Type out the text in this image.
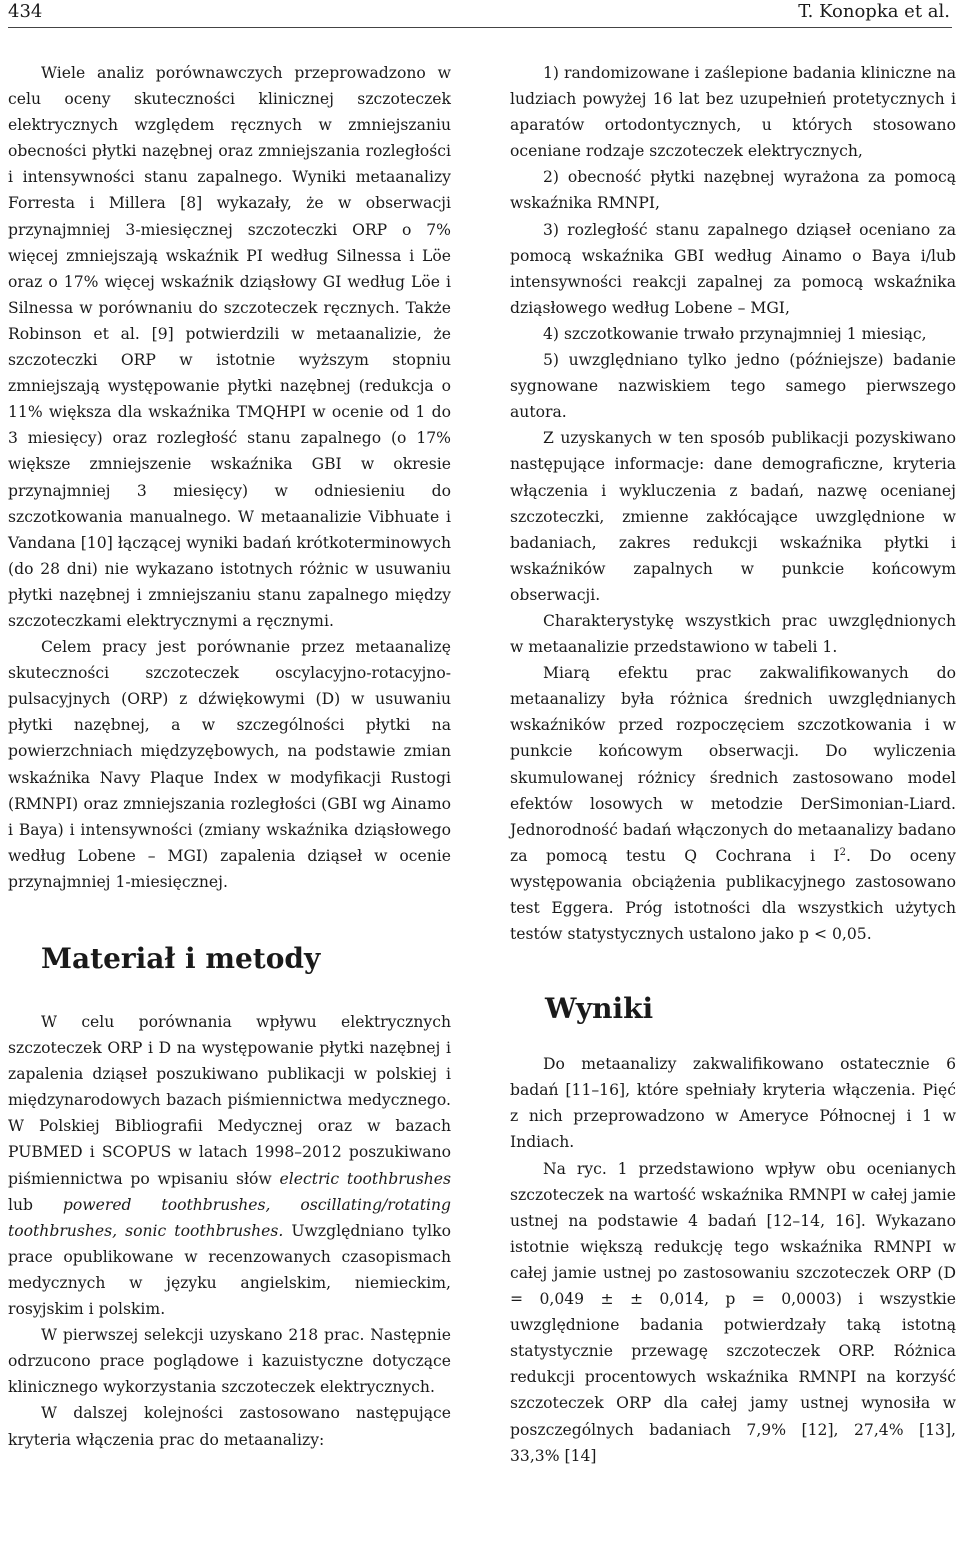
434	T. Konopka et al.

Wiele analiz porównawczych przeprowadzono w celu oceny skuteczności klinicznej szczoteczek elektrycznych względem ręcznych w zmniejszaniu obecności płytki nazębnej oraz zmniejszania rozległości i intensywności stanu zapalnego. Wyniki metaanalizy Forresta i Millera [8] wykazały, że w obserwacji przynajmniej 3-miesięcznej szczoteczki ORP o 7% więcej zmniejszają wskaźnik PI według Silnessa i Löe oraz o 17% więcej wskaźnik dziąsłowy GI według Löe i Silnessa w porównaniu do szczoteczek ręcznych. Także Robinson et al. [9] potwierdzili w metaanalizie, że szczoteczki ORP w istotnie wyższym stopniu zmniejszają występowanie płytki nazębnej (redukcja o 11% większa dla wskaźnika TMQHPI w ocenie od 1 do 3 miesięcy) oraz rozległość stanu zapalnego (o 17% większe zmniejszenie wskaźnika GBI w okresie przynajmniej 3 miesięcy) w odniesieniu do szczotkowania manualnego. W metaanalizie Vibhuate i Vandana [10] łączącej wyniki badań krótkoterminowych (do 28 dni) nie wykazano istotnych różnic w usuwaniu płytki nazębnej i zmniejszaniu stanu zapalnego między szczoteczkami elektrycznymi a ręcznymi.

Celem pracy jest porównanie przez metaanalizę skuteczności szczoteczek oscylacyjno-rotacyjno-pulsacyjnych (ORP) z dźwiękowymi (D) w usuwaniu płytki nazębnej, a w szczególności płytki na powierzchniach międzyzębowych, na podstawie zmian wskaźnika Navy Plaque Index w modyfikacji Rustogi (RMNPI) oraz zmniejszania rozległości (GBI wg Ainamo i Baya) i intensywności (zmiany wskaźnika dziąsłowego według Lobene – MGI) zapalenia dziąseł w ocenie przynajmniej 1-miesięcznej.

Materiał i metody

W celu porównania wpływu elektrycznych szczoteczek ORP i D na występowanie płytki nazębnej i zapalenia dziąseł poszukiwano publikacji w polskiej i międzynarodowych bazach piśmiennictwa medycznego. W Polskiej Bibliografii Medycznej oraz w bazach PUBMED i SCOPUS w latach 1998–2012 poszukiwano piśmiennictwa po wpisaniu słów electric toothbrushes lub powered toothbrushes, oscillating/rotating toothbrushes, sonic toothbrushes. Uwzględniano tylko prace opublikowane w recenzowanych czasopismach medycznych w języku angielskim, niemieckim, rosyjskim i polskim.

W pierwszej selekcji uzyskano 218 prac. Następnie odrzucono prace poglądowe i kazuistyczne dotyczące klinicznego wykorzystania szczoteczek elektrycznych.

W dalszej kolejności zastosowano następujące kryteria włączenia prac do metaanalizy:

1) randomizowane i zaślepione badania kliniczne na ludziach powyżej 16 lat bez uzupełnień protetycznych i aparatów ortodontycznych, u których stosowano oceniane rodzaje szczoteczek elektrycznych,

2) obecność płytki nazębnej wyrażona za pomocą wskaźnika RMNPI,

3) rozległość stanu zapalnego dziąseł oceniano za pomocą wskaźnika GBI według Ainamo o Baya i/lub intensywności reakcji zapalnej za pomocą wskaźnika dziąsłowego według Lobene – MGI,

4) szczotkowanie trwało przynajmniej 1 miesiąc,

5) uwzględniano tylko jedno (późniejsze) badanie sygnowane nazwiskiem tego samego pierwszego autora.

Z uzyskanych w ten sposób publikacji pozyskiwano następujące informacje: dane demograficzne, kryteria włączenia i wykluczenia z badań, nazwę ocenianej szczoteczki, zmienne zakłócające uwzględnione w badaniach, zakres redukcji wskaźnika płytki i wskaźników zapalnych w punkcie końcowym obserwacji.

Charakterystykę wszystkich prac uwzględnionych w metaanalizie przedstawiono w tabeli 1.

Miarą efektu prac zakwalifikowanych do metaanalizy była różnica średnich uwzględnianych wskaźników przed rozpoczęciem szczotkowania i w punkcie końcowym obserwacji. Do wyliczenia skumulowanej różnicy średnich zastosowano model efektów losowych w metodzie DerSimonian-Liard. Jednorodność badań włączonych do metaanalizy badano za pomocą testu Q Cochrana i $I^2$. Do oceny występowania obciążenia publikacyjnego zastosowano test Eggera. Próg istotności dla wszystkich użytych testów statystycznych ustalono jako p < 0,05.

Wyniki

Do metaanalizy zakwalifikowano ostatecznie 6 badań [11–16], które spełniały kryteria włączenia. Pięć z nich przeprowadzono w Ameryce Północnej i 1 w Indiach.

Na ryc. 1 przedstawiono wpływ obu ocenianych szczoteczek na wartość wskaźnika RMNPI w całej jamie ustnej na podstawie 4 badań [12–14, 16]. Wykazano istotnie większą redukcję tego wskaźnika RMNPI w całej jamie ustnej po zastosowaniu szczoteczek ORP (D = 0,049 ± ± 0,014, p = 0,0003) i wszystkie uwzględnione badania potwierdzały taką istotną statystycznie przewagę szczoteczek ORP. Różnica redukcji procentowych wskaźnika RMNPI na korzyść szczoteczek ORP dla całej jamy ustnej wynosiła w poszczególnych badaniach 7,9% [12], 27,4% [13], 33,3% [14]
